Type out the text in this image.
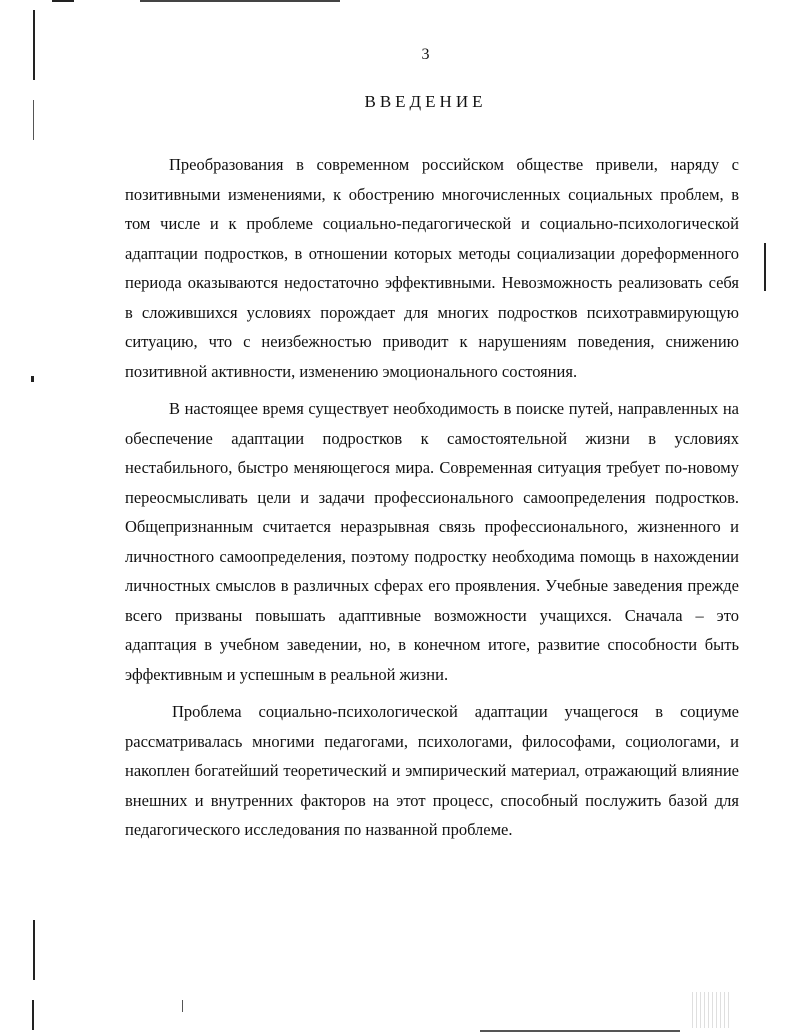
3
ВВЕДЕНИЕ

Преобразования в современном российском обществе привели, наряду с позитивными изменениями, к обострению многочисленных социальных проблем, в том числе и к проблеме социально-педагогической и социально-психологической адаптации подростков, в отношении которых методы социализации дореформенного периода оказываются недостаточно эффективными. Невозможность реализовать себя в сложившихся условиях порождает для многих подростков психотравмирующую ситуацию, что с неизбежностью приводит к нарушениям поведения, снижению позитивной активности, изменению эмоционального состояния.

В настоящее время существует необходимость в поиске путей, направленных на обеспечение адаптации подростков к самостоятельной жизни в условиях нестабильного, быстро меняющегося мира. Современная ситуация требует по-новому переосмысливать цели и задачи профессионального самоопределения подростков. Общепризнанным считается неразрывная связь профессионального, жизненного и личностного самоопределения, поэтому подростку необходима помощь в нахождении личностных смыслов в различных сферах его проявления. Учебные заведения прежде всего призваны повышать адаптивные возможности учащихся. Сначала – это адаптация в учебном заведении, но, в конечном итоге, развитие способности быть эффективным и успешным в реальной жизни.

Проблема социально-психологической адаптации учащегося в социуме рассматривалась многими педагогами, психологами, философами, социологами, и накоплен богатейший теоретический и эмпирический материал, отражающий влияние внешних и внутренних факторов на этот процесс, способный послужить базой для педагогического исследования по названной проблеме.
